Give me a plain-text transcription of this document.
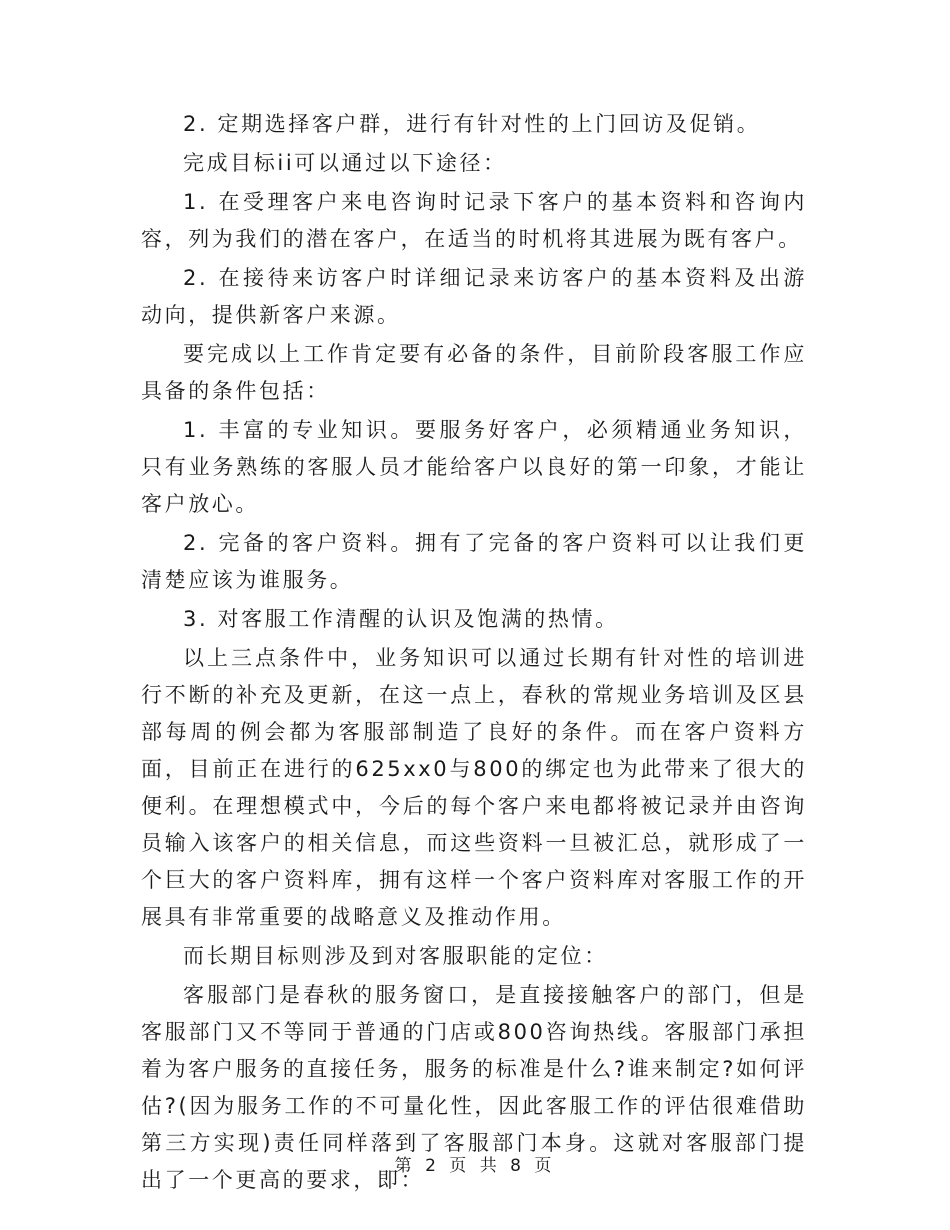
2. 定期选择客户群，进行有针对性的上门回访及促销。

完成目标ii可以通过以下途径：

1. 在受理客户来电咨询时记录下客户的基本资料和咨询内容，列为我们的潜在客户，在适当的时机将其进展为既有客户。

2. 在接待来访客户时详细记录来访客户的基本资料及出游动向，提供新客户来源。

要完成以上工作肯定要有必备的条件，目前阶段客服工作应具备的条件包括：

1. 丰富的专业知识。要服务好客户，必须精通业务知识，只有业务熟练的客服人员才能给客户以良好的第一印象，才能让客户放心。

2. 完备的客户资料。拥有了完备的客户资料可以让我们更清楚应该为谁服务。

3. 对客服工作清醒的认识及饱满的热情。

以上三点条件中，业务知识可以通过长期有针对性的培训进行不断的补充及更新，在这一点上，春秋的常规业务培训及区县部每周的例会都为客服部制造了良好的条件。而在客户资料方面，目前正在进行的625xx0与800的绑定也为此带来了很大的便利。在理想模式中，今后的每个客户来电都将被记录并由咨询员输入该客户的相关信息，而这些资料一旦被汇总，就形成了一个巨大的客户资料库，拥有这样一个客户资料库对客服工作的开展具有非常重要的战略意义及推动作用。

而长期目标则涉及到对客服职能的定位：

客服部门是春秋的服务窗口，是直接接触客户的部门，但是客服部门又不等同于普通的门店或800咨询热线。客服部门承担着为客户服务的直接任务，服务的标准是什么?谁来制定?如何评估?(因为服务工作的不可量化性，因此客服工作的评估很难借助第三方实现)责任同样落到了客服部门本身。这就对客服部门提出了一个更高的要求，即：

第 2 页 共 8 页
